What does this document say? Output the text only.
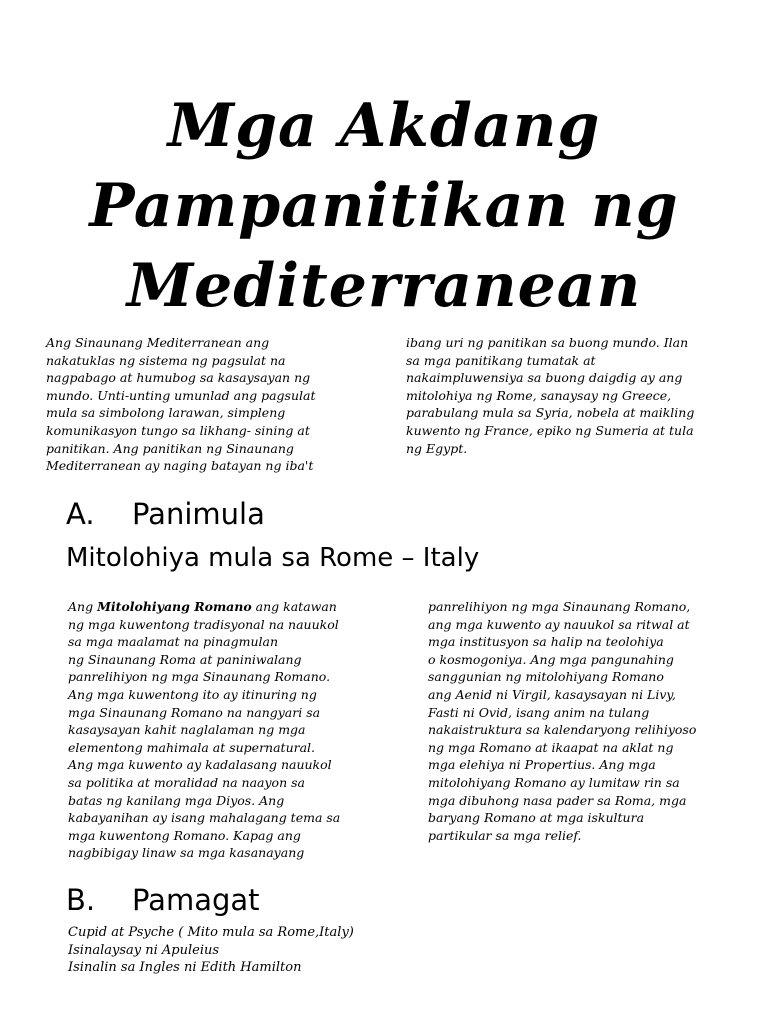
Mga Akdang
Pampanitikan ng
Mediterranean
Ang Sinaunang Mediterranean ang
nakatuklas ng sistema ng pagsulat na
nagpabago at humubog sa kasaysayan ng
mundo. Unti-unting umunlad ang pagsulat
mula sa simbolong larawan, simpleng
komunikasyon tungo sa likhang- sining at
panitikan. Ang panitikan ng Sinaunang
Mediterranean ay naging batayan ng iba't
ibang uri ng panitikan sa buong mundo. Ilan
sa mga panitikang tumatak at
nakaimpluwensiya sa buong daigdig ay ang
mitolohiya ng Rome, sanaysay ng Greece,
parabulang mula sa Syria, nobela at maikling
kuwento ng France, epiko ng Sumeria at tula
ng Egypt.
A. Panimula
Mitolohiya mula sa Rome – Italy
Ang Mitolohiyang Romano ang katawan
ng mga kuwentong tradisyonal na nauukol
sa mga maalamat na pinagmulan
ng Sinaunang Roma at paniniwalang
panrelihiyon ng mga Sinaunang Romano.
Ang mga kuwentong ito ay itinuring ng
mga Sinaunang Romano na nangyari sa
kasaysayan kahit naglalaman ng mga
elementong mahimala at supernatural.
Ang mga kuwento ay kadalasang nauukol
sa politika at moralidad na naayon sa
batas ng kanilang mga Diyos. Ang
kabayanihan ay isang mahalagang tema sa
mga kuwentong Romano. Kapag ang
nagbibigay linaw sa mga kasanayang
panrelihiyon ng mga Sinaunang Romano,
ang mga kuwento ay nauukol sa ritwal at
mga institusyon sa halip na teolohiya
o kosmogoniya. Ang mga pangunahing
sanggunian ng mitolohiyang Romano
ang Aenid ni Virgil, kasaysayan ni Livy,
Fasti ni Ovid, isang anim na tulang
nakaistruktura sa kalendaryong relihiyoso
ng mga Romano at ikaapat na aklat ng
mga elehiya ni Propertius. Ang mga
mitolohiyang Romano ay lumitaw rin sa
mga dibuhong nasa pader sa Roma, mga
baryang Romano at mga iskultura
partikular sa mga relief.
B. Pamagat
Cupid at Psyche ( Mito mula sa Rome,Italy)
Isinalaysay ni Apuleius
Isinalin sa Ingles ni Edith Hamilton
